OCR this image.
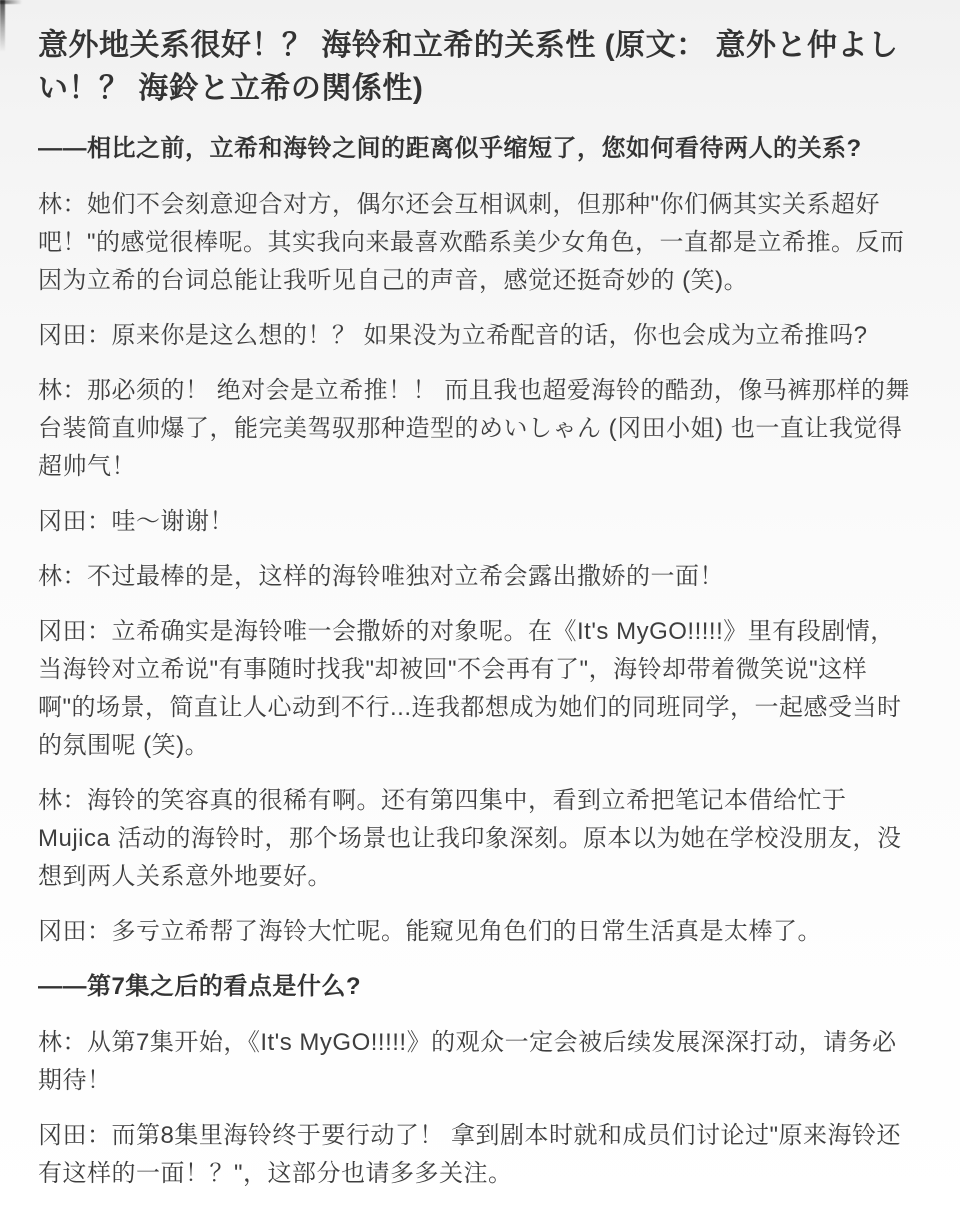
意外地关系很好！？ 海铃和立希的关系性 (原文： 意外と仲よしい！？ 海鈴と立希の関係性)

——相比之前，立希和海铃之间的距离似乎缩短了，您如何看待两人的关系?

林：她们不会刻意迎合对方，偶尔还会互相讽刺，但那种"你们俩其实关系超好吧！"的感觉很棒呢。其实我向来最喜欢酷系美少女角色，一直都是立希推。反而因为立希的台词总能让我听见自己的声音，感觉还挺奇妙的 (笑)。

冈田：原来你是这么想的！？ 如果没为立希配音的话，你也会成为立希推吗?

林：那必须的！ 绝对会是立希推！！ 而且我也超爱海铃的酷劲，像马裤那样的舞台装简直帅爆了，能完美驾驭那种造型的めいしゃん (冈田小姐) 也一直让我觉得超帅气！

冈田：哇～谢谢！

林：不过最棒的是，这样的海铃唯独对立希会露出撒娇的一面！

冈田：立希确实是海铃唯一会撒娇的对象呢。在《It's MyGO!!!!!》里有段剧情，当海铃对立希说"有事随时找我"却被回"不会再有了"，海铃却带着微笑说"这样啊"的场景，简直让人心动到不行...连我都想成为她们的同班同学，一起感受当时的氛围呢 (笑)。

林：海铃的笑容真的很稀有啊。还有第四集中，看到立希把笔记本借给忙于 Mujica 活动的海铃时，那个场景也让我印象深刻。原本以为她在学校没朋友，没想到两人关系意外地要好。

冈田：多亏立希帮了海铃大忙呢。能窥见角色们的日常生活真是太棒了。

——第7集之后的看点是什么?

林：从第7集开始，《It's MyGO!!!!!》的观众一定会被后续发展深深打动，请务必期待！

冈田：而第8集里海铃终于要行动了！ 拿到剧本时就和成员们讨论过"原来海铃还有这样的一面！？"，这部分也请多多关注。
